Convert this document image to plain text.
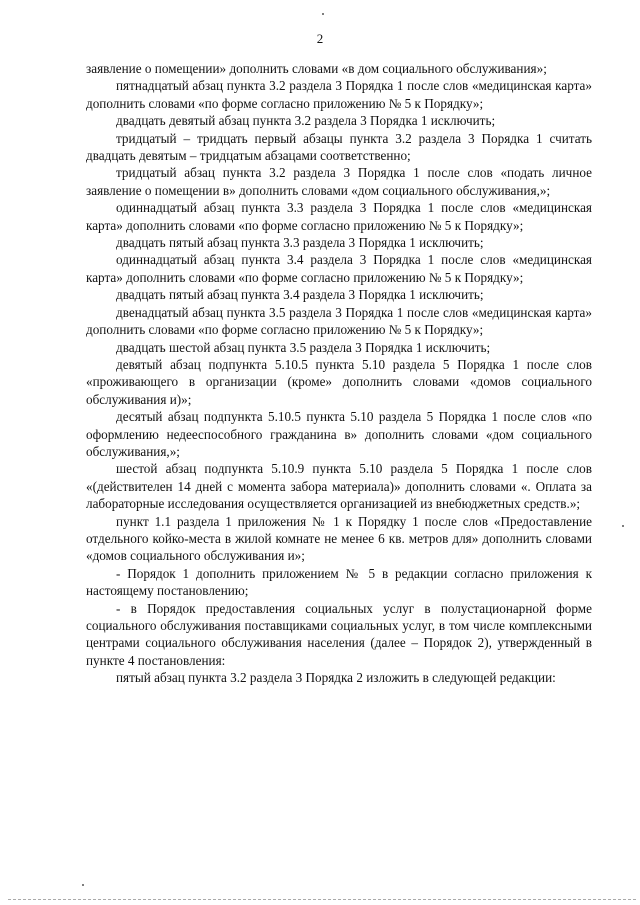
2

заявление о помещении» дополнить словами «в дом социального обслуживания»;

пятнадцатый абзац пункта 3.2 раздела 3 Порядка 1 после слов «медицинская карта» дополнить словами «по форме согласно приложению № 5 к Порядку»;

двадцать девятый абзац пункта 3.2 раздела 3 Порядка 1 исключить;

тридцатый – тридцать первый абзацы пункта 3.2 раздела 3 Порядка 1 считать двадцать девятым – тридцатым абзацами соответственно;

тридцатый абзац пункта 3.2 раздела 3 Порядка 1 после слов «подать личное заявление о помещении в» дополнить словами «дом социального обслуживания,»;

одиннадцатый абзац пункта 3.3 раздела 3 Порядка 1 после слов «медицинская карта» дополнить словами «по форме согласно приложению № 5 к Порядку»;

двадцать пятый абзац пункта 3.3 раздела 3 Порядка 1 исключить;

одиннадцатый абзац пункта 3.4 раздела 3 Порядка 1 после слов «медицинская карта» дополнить словами «по форме согласно приложению № 5 к Порядку»;

двадцать пятый абзац пункта 3.4 раздела 3 Порядка 1 исключить;

двенадцатый абзац пункта 3.5 раздела 3 Порядка 1 после слов «медицинская карта» дополнить словами «по форме согласно приложению № 5 к Порядку»;

двадцать шестой абзац пункта 3.5 раздела 3 Порядка 1 исключить;

девятый абзац подпункта 5.10.5 пункта 5.10 раздела 5 Порядка 1 после слов «проживающего в организации (кроме» дополнить словами «домов социального обслуживания и)»;

десятый абзац подпункта 5.10.5 пункта 5.10 раздела 5 Порядка 1 после слов «по оформлению недееспособного гражданина в» дополнить словами «дом социального обслуживания,»;

шестой абзац подпункта 5.10.9 пункта 5.10 раздела 5 Порядка 1 после слов «(действителен 14 дней с момента забора материала)» дополнить словами «. Оплата за лабораторные исследования осуществляется организацией из внебюджетных средств.»;

пункт 1.1 раздела 1 приложения № 1 к Порядку 1 после слов «Предоставление отдельного койко-места в жилой комнате не менее 6 кв. метров для» дополнить словами «домов социального обслуживания и»;

- Порядок 1 дополнить приложением № 5 в редакции согласно приложения к настоящему постановлению;

- в Порядок предоставления социальных услуг в полустационарной форме социального обслуживания поставщиками социальных услуг, в том числе комплексными центрами социального обслуживания населения (далее – Порядок 2), утвержденный в пункте 4 постановления:

пятый абзац пункта 3.2 раздела 3 Порядка 2 изложить в следующей редакции:
